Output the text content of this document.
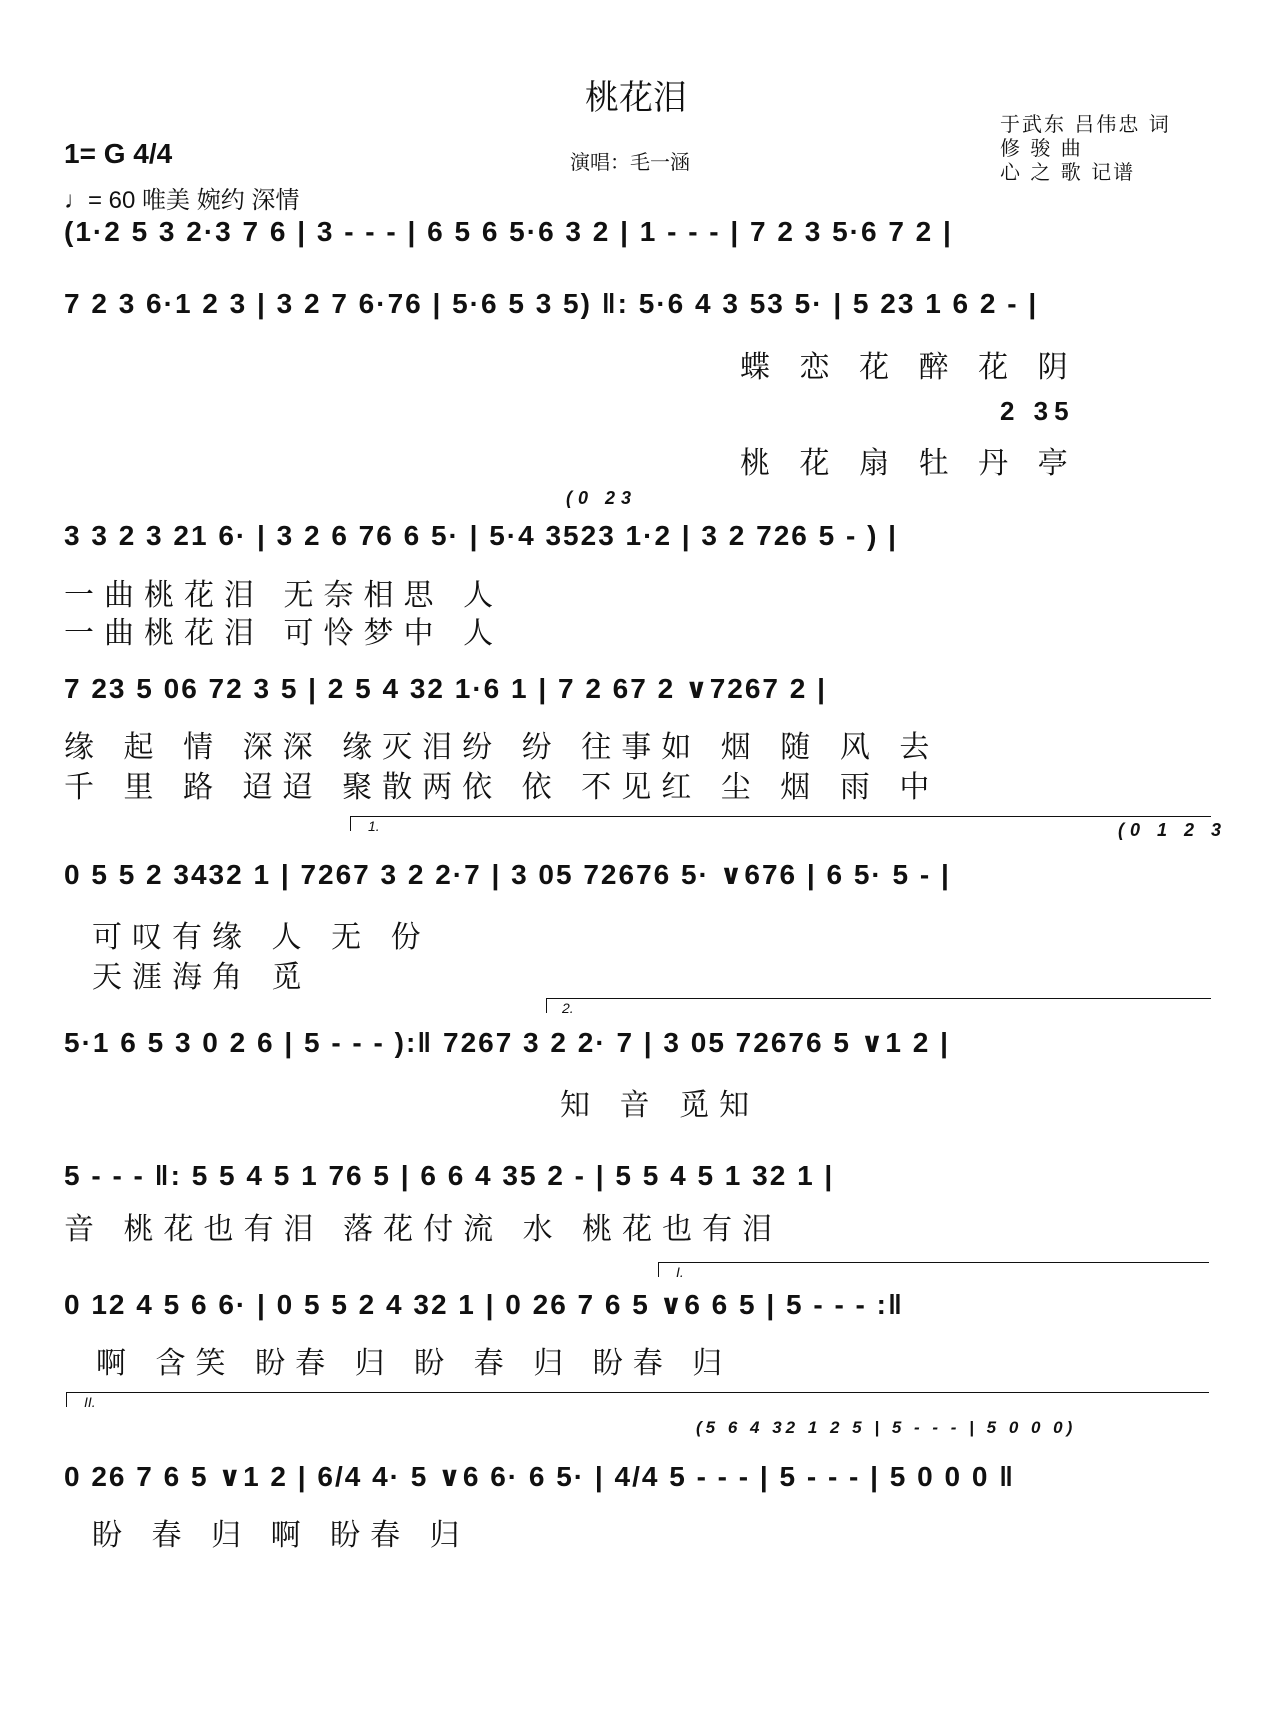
桃花泪
1= G 4/4
♩= 60 唯美 婉约 深情
演唱：毛一涵
于武东 吕伟忠 词
修 骏 曲
心 之 歌 记谱
(1·2 5 3 2·3 7 6 | 3 - - - | 6 5 6 5·6 3 2 | 1 - - - | 7 2 3 5·6 7 2 |
7 2 3 6·1 2 3 | 3 2 7 6·76 | 5·6 5 3 5) ‖: 5·6 4 3 53 5· | 5 23 1 6 2 - |
蝶 恋 花 醉 花 阴
2 35
桃 花 扇 牡 丹 亭
(0 23
3 3 2 3 21 6· | 3 2 6 76 6 5· | 5·4 3523 1·2 | 3 2 726 5 - ) |
一曲桃花泪 无奈相思 人
一曲桃花泪 可怜梦中 人
7 23 5 06 72 3 5 | 2 5 4 32 1·6 1 | 7 2 67 2 ∨7267 2 |
缘 起 情 深深 缘灭泪纷 纷 往事如 烟 随 风 去
千 里 路 迢迢 聚散两依 依 不见红 尘 烟 雨 中
1.	(0 1 2 3
0 5 5 2 3432 1 | 7267 3 2 2·7 | 3 05 72676 5· ∨676 | 6 5· 5 - |
可叹有缘 人 无 份
天涯海角 觅
2.
5·1 6 5 3 0 2 6 | 5 - - - ):‖ 7267 3 2 2· 7 | 3 05 72676 5 ∨1 2 |
知 音 觅知
5 - - - ‖: 5 5 4 5 1 76 5 | 6 6 4 35 2 - | 5 5 4 5 1 32 1 |
音 桃花也有泪 落花付流 水 桃花也有泪
I.
0 12 4 5 6 6· | 0 5 5 2 4 32 1 | 0 26 7 6 5 ∨6 6 5 | 5 - - - :‖
啊 含笑 盼春 归 盼 春 归 盼春 归
II.
(5 6 4 32 1 2 5 | 5 - - - | 5 0 0 0)
0 26 7 6 5 ∨1 2 | 6/4 4· 5 ∨6 6· 6 5· | 4/4 5 - - - | 5 - - - | 5 0 0 0 ‖
盼 春 归 啊 盼春 归
